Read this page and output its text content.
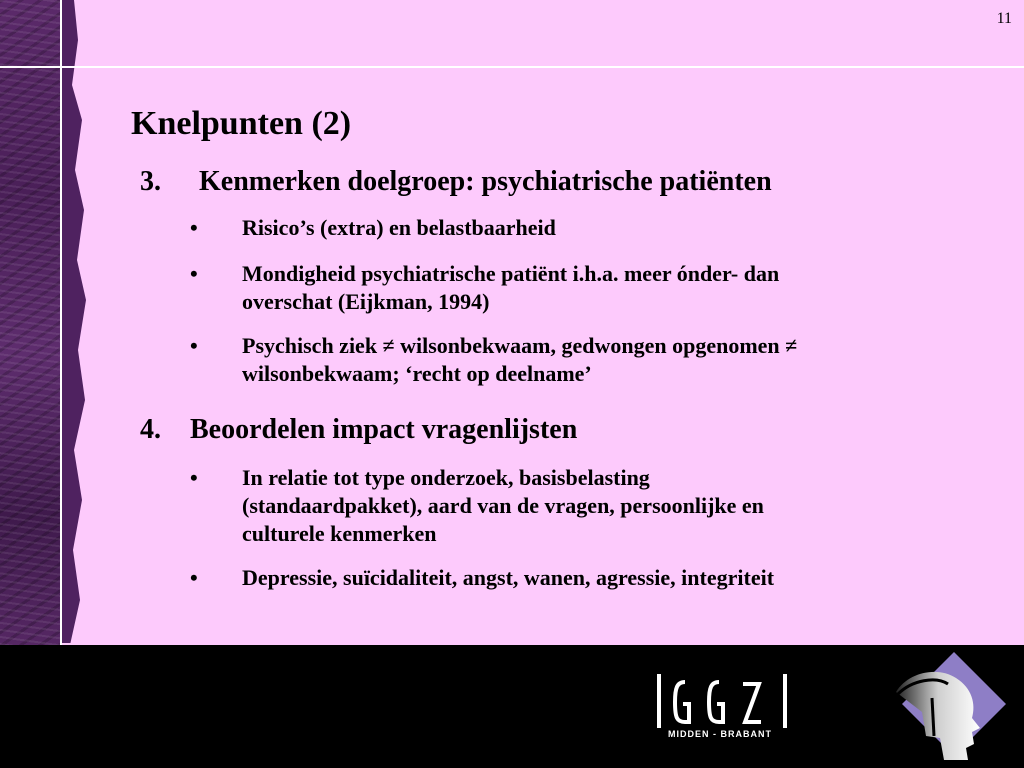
11
Knelpunten (2)
3. Kenmerken doelgroep: psychiatrische patiënten
• Risico’s (extra) en belastbaarheid
• Mondigheid psychiatrische patiënt i.h.a. meer ónder- dan
overschat (Eijkman, 1994)
• Psychisch ziek ≠ wilsonbekwaam, gedwongen opgenomen ≠
wilsonbekwaam; ‘recht op deelname’
4. Beoordelen impact vragenlijsten
• In relatie tot type onderzoek, basisbelasting
(standaardpakket), aard van de vragen, persoonlijke en
culturele kenmerken
• Depressie, suïcidaliteit, angst, wanen, agressie, integriteit
MIDDEN - BRABANT
